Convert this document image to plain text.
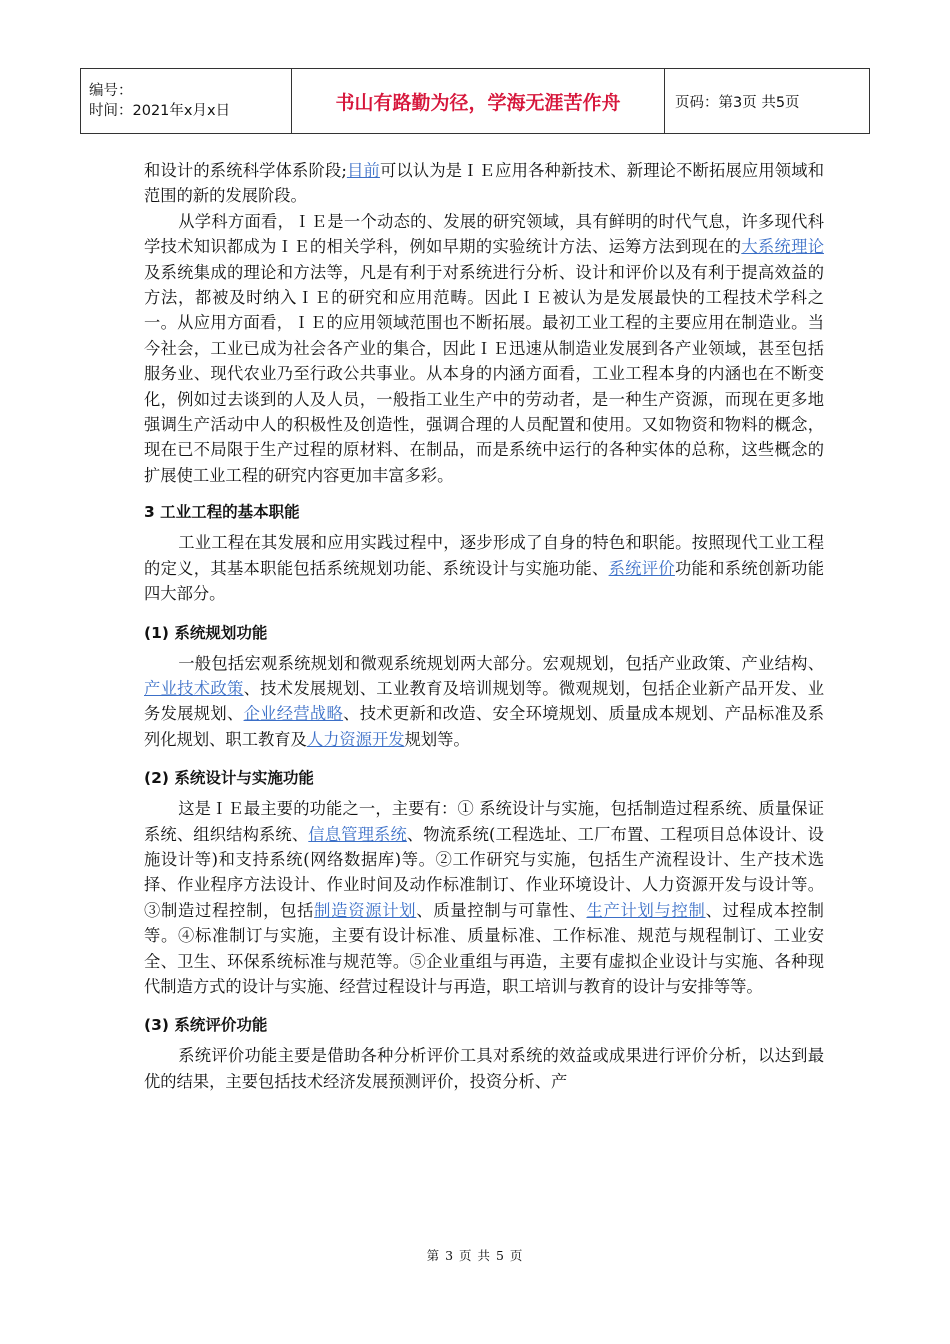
编号：
时间：2021年x月x日	书山有路勤为径，学海无涯苦作舟	页码：第3页 共5页

和设计的系统科学体系阶段;目前可以认为是ＩＥ应用各种新技术、新理论不断拓展应用领域和范围的新的发展阶段。

从学科方面看，ＩＥ是一个动态的、发展的研究领域，具有鲜明的时代气息，许多现代科学技术知识都成为ＩＥ的相关学科，例如早期的实验统计方法、运筹方法到现在的大系统理论及系统集成的理论和方法等，凡是有利于对系统进行分析、设计和评价以及有利于提高效益的方法，都被及时纳入ＩＥ的研究和应用范畴。因此ＩＥ被认为是发展最快的工程技术学科之一。从应用方面看，ＩＥ的应用领域范围也不断拓展。最初工业工程的主要应用在制造业。当今社会，工业已成为社会各产业的集合，因此ＩＥ迅速从制造业发展到各产业领域，甚至包括服务业、现代农业乃至行政公共事业。从本身的内涵方面看，工业工程本身的内涵也在不断变化，例如过去谈到的人及人员，一般指工业生产中的劳动者，是一种生产资源，而现在更多地强调生产活动中人的积极性及创造性，强调合理的人员配置和使用。又如物资和物料的概念，现在已不局限于生产过程的原材料、在制品，而是系统中运行的各种实体的总称，这些概念的扩展使工业工程的研究内容更加丰富多彩。

3 工业工程的基本职能

工业工程在其发展和应用实践过程中，逐步形成了自身的特色和职能。按照现代工业工程的定义，其基本职能包括系统规划功能、系统设计与实施功能、系统评价功能和系统创新功能四大部分。

(1) 系统规划功能

一般包括宏观系统规划和微观系统规划两大部分。宏观规划，包括产业政策、产业结构、产业技术政策、技术发展规划、工业教育及培训规划等。微观规划，包括企业新产品开发、业务发展规划、企业经营战略、技术更新和改造、安全环境规划、质量成本规划、产品标准及系列化规划、职工教育及人力资源开发规划等。

(2) 系统设计与实施功能

这是ＩＥ最主要的功能之一，主要有：① 系统设计与实施，包括制造过程系统、质量保证系统、组织结构系统、信息管理系统、物流系统(工程选址、工厂布置、工程项目总体设计、设施设计等)和支持系统(网络数据库)等。②工作研究与实施，包括生产流程设计、生产技术选择、作业程序方法设计、作业时间及动作标准制订、作业环境设计、人力资源开发与设计等。③制造过程控制，包括制造资源计划、质量控制与可靠性、生产计划与控制、过程成本控制等。④标准制订与实施，主要有设计标准、质量标准、工作标准、规范与规程制订、工业安全、卫生、环保系统标准与规范等。⑤企业重组与再造，主要有虚拟企业设计与实施、各种现代制造方式的设计与实施、经营过程设计与再造，职工培训与教育的设计与安排等等。

(3) 系统评价功能

系统评价功能主要是借助各种分析评价工具对系统的效益或成果进行评价分析，以达到最优的结果，主要包括技术经济发展预测评价，投资分析、产

第 3 页 共 5 页
